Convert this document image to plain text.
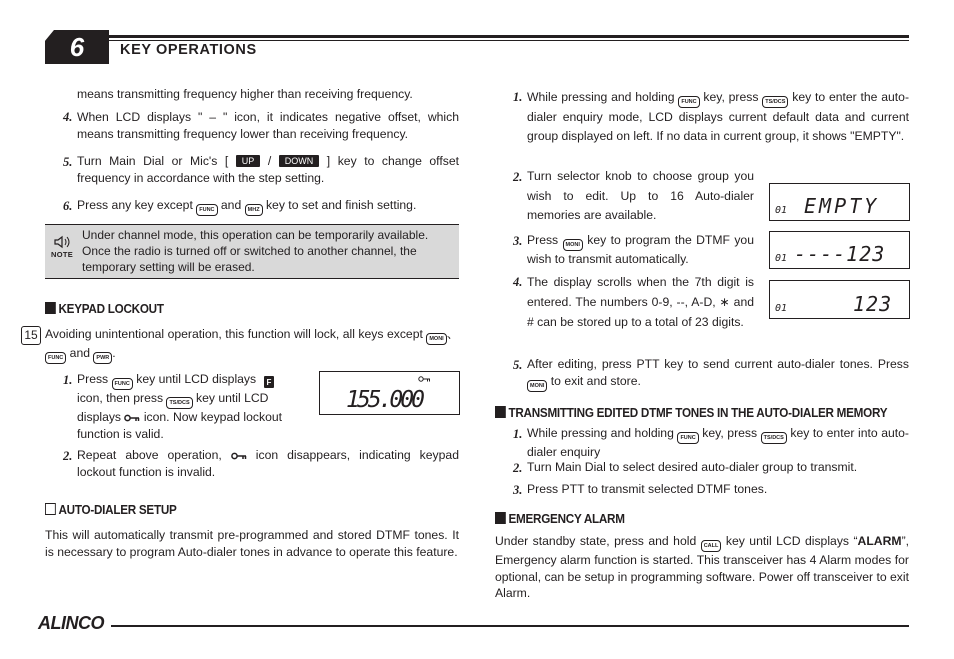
6	KEY OPERATIONS
means transmitting frequency higher than receiving frequency.
4. When LCD displays " – " icon, it indicates negative offset, which means transmitting frequency lower than receiving frequency.
5. Turn Main Dial or Mic's [ UP / DOWN ] key to change offset frequency in accordance with the step setting.
6. Press any key except FUNC and MHZ key to set and finish setting.
NOTE
Under channel mode, this operation can be temporarily available. Once the radio is turned off or switched to another channel, the temporary setting will be erased.
KEYPAD LOCKOUT
15 Avoiding unintentional operation, this function will lock, all keys except MONI 、FUNC and PWR .
1. Press FUNC key until LCD displays F
icon, then press TS/DCS key until LCD displays icon. Now keypad lockout function is valid.
155.000
2. Repeat above operation,	icon disappears, indicating keypad lockout function is invalid.
AUTO-DIALER SETUP
This will automatically transmit pre-programmed and stored DTMF tones. It is necessary to program Auto-dialer tones in advance to operate this feature.
1. While pressing and holding FUNC key, press TS/DCS key to enter the auto-dialer enquiry mode, LCD displays current default data and current group displayed on left. If no data in current group, it shows "EMPTY".
2. Turn selector knob to choose group you wish to edit. Up to 16 Auto-dialer memories are available.
3. Press MONI key to program the DTMF you wish to transmit automatically.
4. The display scrolls when the 7th digit is entered. The numbers 0-9, --, A-D, ∗ and # can be stored up to a total of 23 digits.
01 EMPTY
01 ----123
01	123
5. After editing, press PTT key to send current auto-dialer tones. Press MONI to exit and store.
TRANSMITTING EDITED DTMF TONES IN THE AUTO-DIALER MEMORY
1. While pressing and holding FUNC key, press TS/DCS key to enter into auto-dialer enquiry
2. Turn Main Dial to select desired auto-dialer group to transmit.
3. Press PTT to transmit selected DTMF tones.
EMERGENCY ALARM
Under standby state, press and hold CALL key until LCD displays “ALARM”, Emergency alarm function is started. This transceiver has 4 Alarm modes for optional, can be setup in programming software. Power off transceiver to exit Alarm.
ALINCO
